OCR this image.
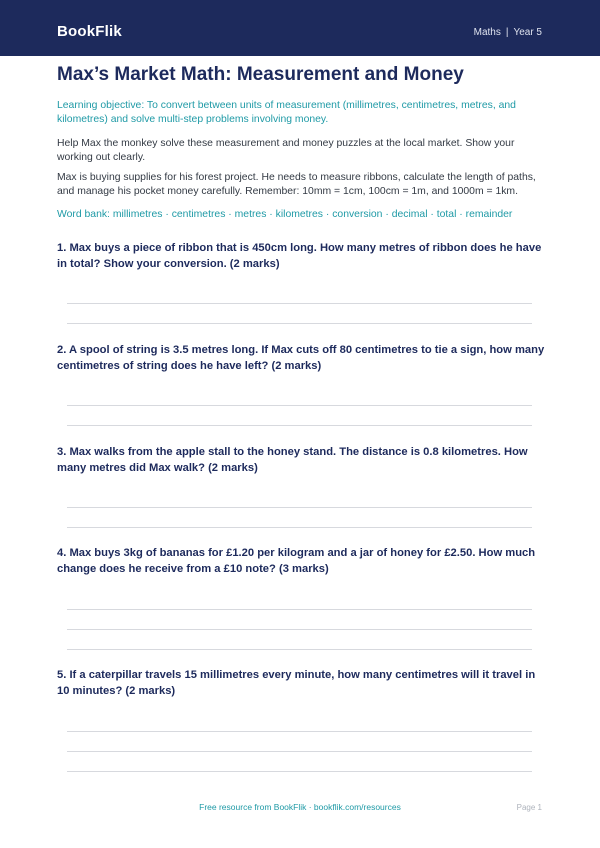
BookFlik	Maths | Year 5
Max’s Market Math: Measurement and Money
Learning objective: To convert between units of measurement (millimetres, centimetres, metres, and kilometres) and solve multi-step problems involving money.
Help Max the monkey solve these measurement and money puzzles at the local market. Show your working out clearly.
Max is buying supplies for his forest project. He needs to measure ribbons, calculate the length of paths, and manage his pocket money carefully. Remember: 10mm = 1cm, 100cm = 1m, and 1000m = 1km.
Word bank: millimetres · centimetres · metres · kilometres · conversion · decimal · total · remainder
1. Max buys a piece of ribbon that is 450cm long. How many metres of ribbon does he have in total? Show your conversion. (2 marks)
2. A spool of string is 3.5 metres long. If Max cuts off 80 centimetres to tie a sign, how many centimetres of string does he have left? (2 marks)
3. Max walks from the apple stall to the honey stand. The distance is 0.8 kilometres. How many metres did Max walk? (2 marks)
4. Max buys 3kg of bananas for £1.20 per kilogram and a jar of honey for £2.50. How much change does he receive from a £10 note? (3 marks)
5. If a caterpillar travels 15 millimetres every minute, how many centimetres will it travel in 10 minutes? (2 marks)
Free resource from BookFlik · bookflik.com/resources	Page 1
